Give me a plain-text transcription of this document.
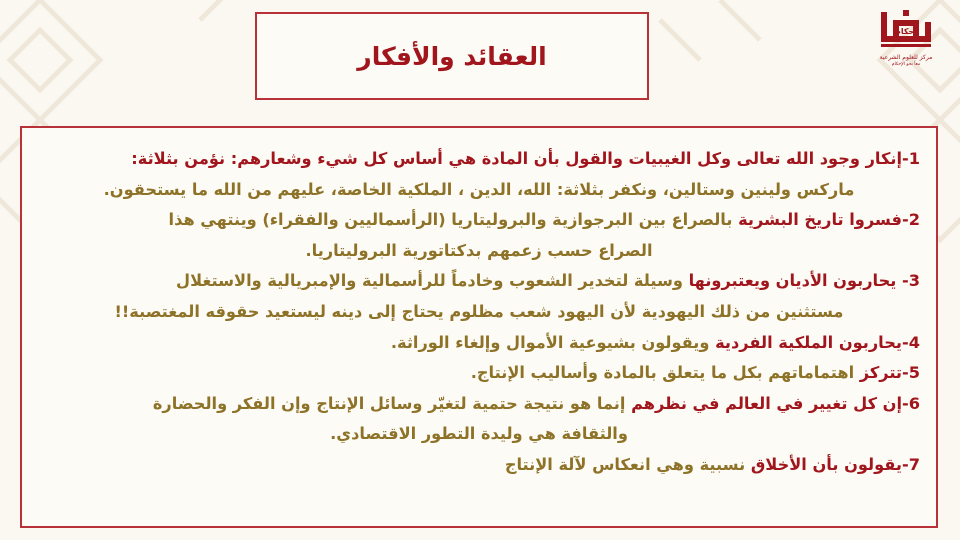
إحكام
مركز للعلوم الشرعية
معاً نحو الإحكام
العقائد والأفكار
1-إنكار وجود الله تعالى وكل الغيبيات والقول بأن المادة هي أساس كل شيء وشعارهم: نؤمن بثلاثة:
ماركس ولينين وستالين، ونكفر بثلاثة: الله، الدين ، الملكية الخاصة، عليهم من الله ما يستحقون.
2-فسروا تاريخ البشرية بالصراع بين البرجوازية والبروليتاريا (الرأسماليين والفقراء) وينتهي هذا
الصراع حسب زعمهم بدكتاتورية البروليتاريا.
3- يحاربون الأديان ويعتبرونها وسيلة لتخدير الشعوب وخادماً للرأسمالية والإمبريالية والاستغلال
مستثنين من ذلك اليهودية لأن اليهود شعب مظلوم يحتاج إلى دينه ليستعيد حقوقه المغتصبة!!
4-يحاربون الملكية الفردية ويقولون بشيوعية الأموال وإلغاء الوراثة.
5-تتركز اهتماماتهم بكل ما يتعلق بالمادة وأساليب الإنتاج.
6-إن كل تغيير في العالم في نظرهم إنما هو نتيجة حتمية لتغيّر وسائل الإنتاج وإن الفكر والحضارة
والثقافة هي وليدة التطور الاقتصادي.
7-يقولون بأن الأخلاق نسبية وهي انعكاس لآلة الإنتاج
